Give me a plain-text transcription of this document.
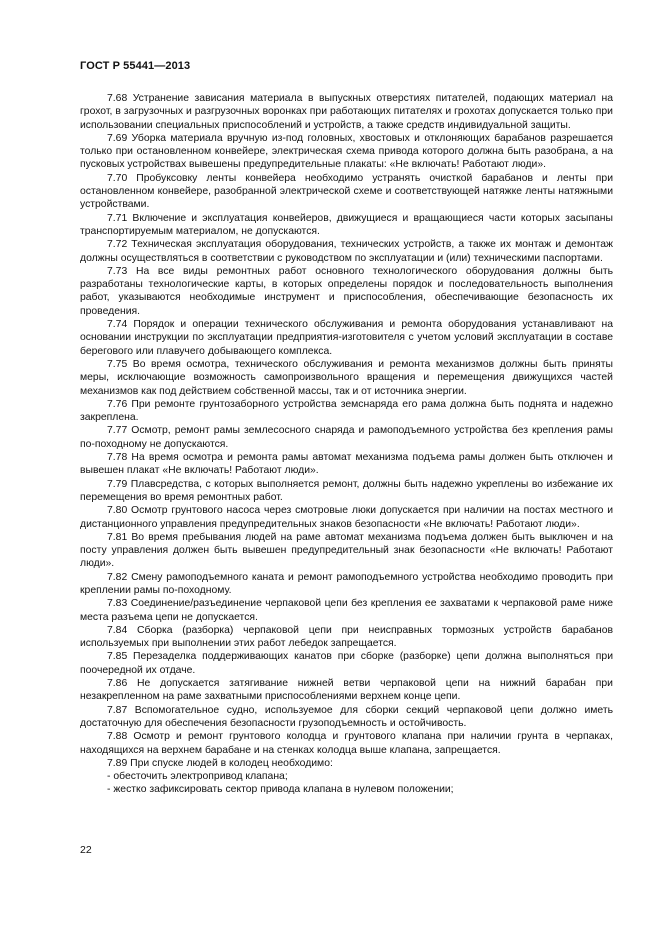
ГОСТ Р 55441—2013

7.68 Устранение зависания материала в выпускных отверстиях питателей, подающих материал на грохот, в загрузочных и разгрузочных воронках при работающих питателях и грохотах допускается только при использовании специальных приспособлений и устройств, а также средств индивидуальной защиты.

7.69 Уборка материала вручную из-под головных, хвостовых и отклоняющих барабанов разрешается только при остановленном конвейере, электрическая схема привода которого должна быть разобрана, а на пусковых устройствах вывешены предупредительные плакаты: «Не включать! Работают люди».

7.70 Пробуксовку ленты конвейера необходимо устранять очисткой барабанов и ленты при остановленном конвейере, разобранной электрической схеме и соответствующей натяжке ленты натяжными устройствами.

7.71 Включение и эксплуатация конвейеров, движущиеся и вращающиеся части которых засыпаны транспортируемым материалом, не допускаются.

7.72 Техническая эксплуатация оборудования, технических устройств, а также их монтаж и демонтаж должны осуществляться в соответствии с руководством по эксплуатации и (или) техническими паспортами.

7.73 На все виды ремонтных работ основного технологического оборудования должны быть разработаны технологические карты, в которых определены порядок и последовательность выполнения работ, указываются необходимые инструмент и приспособления, обеспечивающие безопасность их проведения.

7.74 Порядок и операции технического обслуживания и ремонта оборудования устанавливают на основании инструкции по эксплуатации предприятия-изготовителя с учетом условий эксплуатации в составе берегового или плавучего добывающего комплекса.

7.75 Во время осмотра, технического обслуживания и ремонта механизмов должны быть приняты меры, исключающие возможность самопроизвольного вращения и перемещения движущихся частей механизмов как под действием собственной массы, так и от источника энергии.

7.76 При ремонте грунтозаборного устройства земснаряда его рама должна быть поднята и надежно закреплена.

7.77 Осмотр, ремонт рамы землесосного снаряда и рамоподъемного устройства без крепления рамы по-походному не допускаются.

7.78 На время осмотра и ремонта рамы автомат механизма подъема рамы должен быть отключен и вывешен плакат «Не включать! Работают люди».

7.79 Плавсредства, с которых выполняется ремонт, должны быть надежно укреплены во избежание их перемещения во время ремонтных работ.

7.80 Осмотр грунтового насоса через смотровые люки допускается при наличии на постах местного и дистанционного управления предупредительных знаков безопасности «Не включать! Работают люди».

7.81 Во время пребывания людей на раме автомат механизма подъема должен быть выключен и на посту управления должен быть вывешен предупредительный знак безопасности «Не включать! Работают люди».

7.82 Смену рамоподъемного каната и ремонт рамоподъемного устройства необходимо проводить при креплении рамы по-походному.

7.83 Соединение/разъединение черпаковой цепи без крепления ее захватами к черпаковой раме ниже места разъема цепи не допускается.

7.84 Сборка (разборка) черпаковой цепи при неисправных тормозных устройств барабанов используемых при выполнении этих работ лебедок запрещается.

7.85 Перезаделка поддерживающих канатов при сборке (разборке) цепи должна выполняться при поочередной их отдаче.

7.86 Не допускается затягивание нижней ветви черпаковой цепи на нижний барабан при незакрепленном на раме захватными приспособлениями верхнем конце цепи.

7.87 Вспомогательное судно, используемое для сборки секций черпаковой цепи должно иметь достаточную для обеспечения безопасности грузоподъемность и остойчивость.

7.88 Осмотр и ремонт грунтового колодца и грунтового клапана при наличии грунта в черпаках, находящихся на верхнем барабане и на стенках колодца выше клапана, запрещается.

7.89 При спуске людей в колодец необходимо:

- обесточить электропривод клапана;

- жестко зафиксировать сектор привода клапана в нулевом положении;

22
